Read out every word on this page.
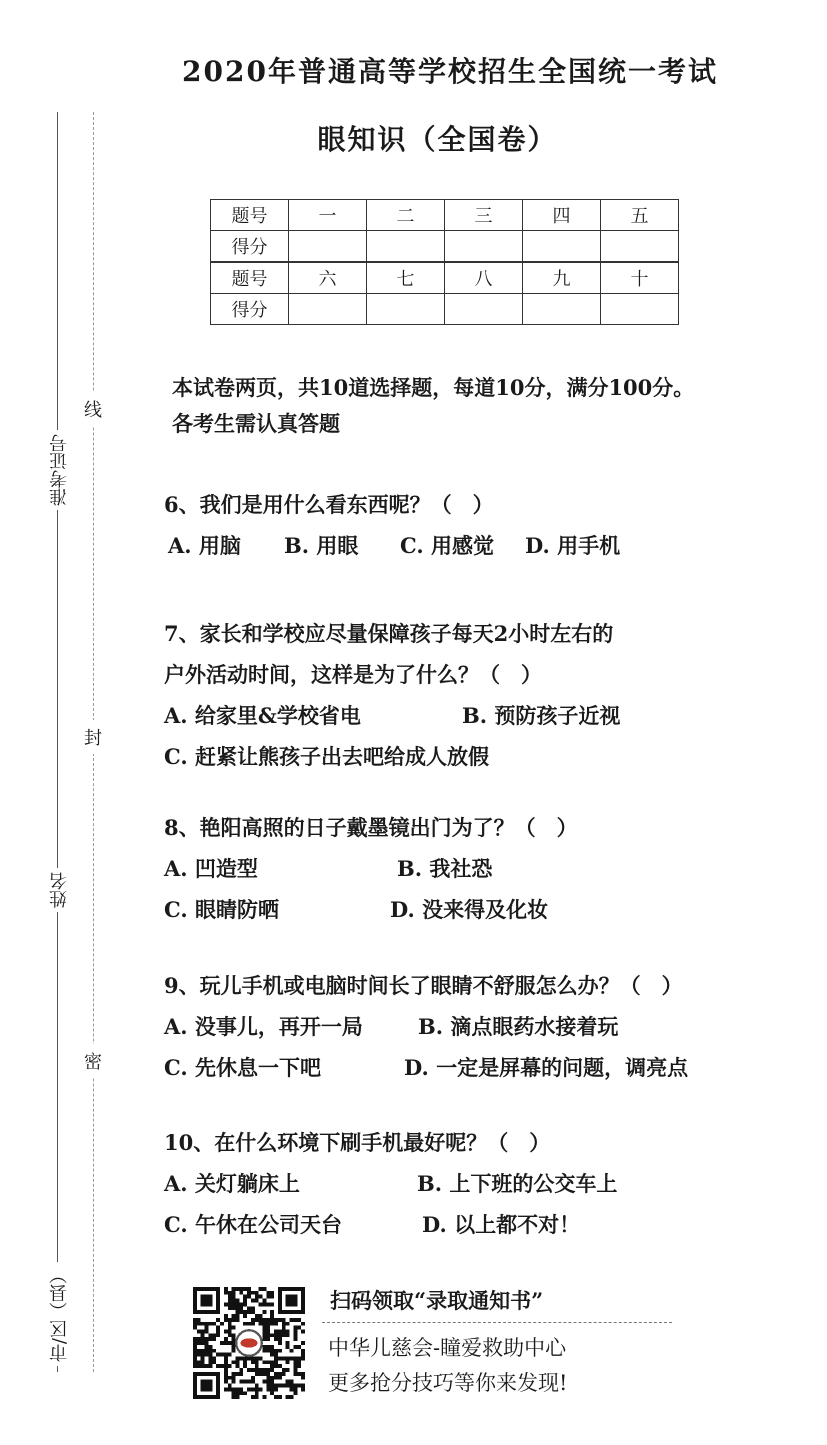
准考证号
姓名
市/区（县）
线
封
密
2020年普通高等学校招生全国统一考试
眼知识（全国卷）
题号	一	二	三	四	五
得分					
题号	六	七	八	九	十
得分					
本试卷两页，共10道选择题，每道10分，满分100分。
各考生需认真答题
6、我们是用什么看东西呢？（　）
A. 用脑 B. 用眼 C. 用感觉 D. 用手机
7、家长和学校应尽量保障孩子每天2小时左右的
户外活动时间，这样是为了什么？（　）
A. 给家里&学校省电	B. 预防孩子近视
C. 赶紧让熊孩子出去吧给成人放假
8、艳阳高照的日子戴墨镜出门为了？（　）
A. 凹造型	B. 我社恐
C. 眼睛防晒	D. 没来得及化妆
9、玩儿手机或电脑时间长了眼睛不舒服怎么办？（　）
A. 没事儿，再开一局	B. 滴点眼药水接着玩
C. 先休息一下吧	D. 一定是屏幕的问题，调亮点
10、在什么环境下刷手机最好呢？（　）
A. 关灯躺床上	B. 上下班的公交车上
C. 午休在公司天台	D. 以上都不对！
扫码领取“录取通知书”
中华儿慈会-瞳爱救助中心
更多抢分技巧等你来发现!
